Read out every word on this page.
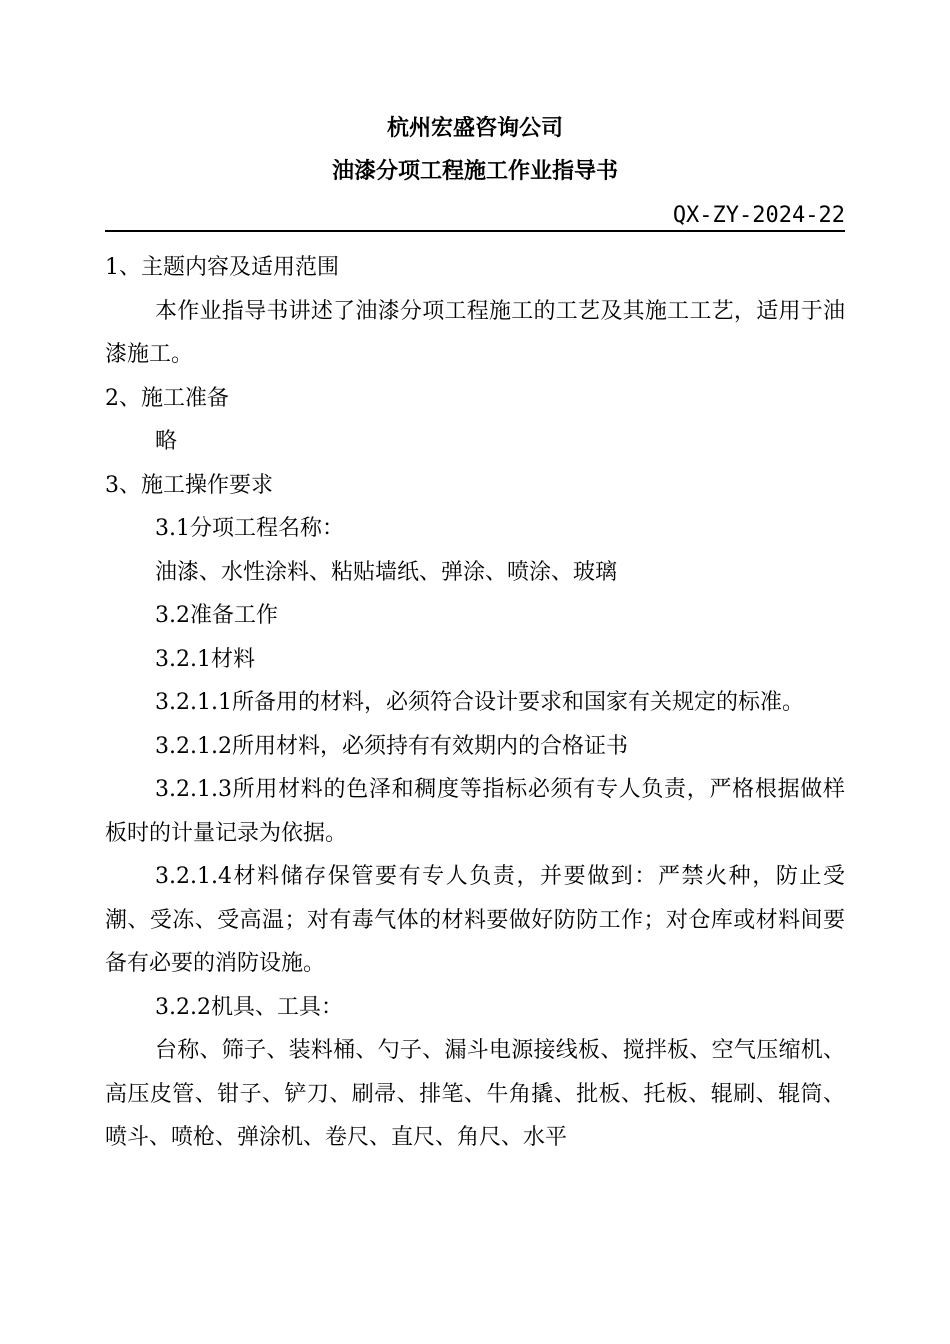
杭州宏盛咨询公司
油漆分项工程施工作业指导书
QX-ZY-2024-22

1、主题内容及适用范围

本作业指导书讲述了油漆分项工程施工的工艺及其施工工艺，适用于油漆施工。

2、施工准备

略

3、施工操作要求

3.1分项工程名称：

油漆、水性涂料、粘贴墙纸、弹涂、喷涂、玻璃

3.2准备工作

3.2.1材料

3.2.1.1所备用的材料，必须符合设计要求和国家有关规定的标准。

3.2.1.2所用材料，必须持有有效期内的合格证书

3.2.1.3所用材料的色泽和稠度等指标必须有专人负责，严格根据做样板时的计量记录为依据。

3.2.1.4材料储存保管要有专人负责，并要做到：严禁火种，防止受潮、受冻、受高温；对有毒气体的材料要做好防防工作；对仓库或材料间要备有必要的消防设施。

3.2.2机具、工具：

台称、筛子、装料桶、勺子、漏斗电源接线板、搅拌板、空气压缩机、高压皮管、钳子、铲刀、刷帚、排笔、牛角撬、批板、托板、辊刷、辊筒、喷斗、喷枪、弹涂机、卷尺、直尺、角尺、水平
